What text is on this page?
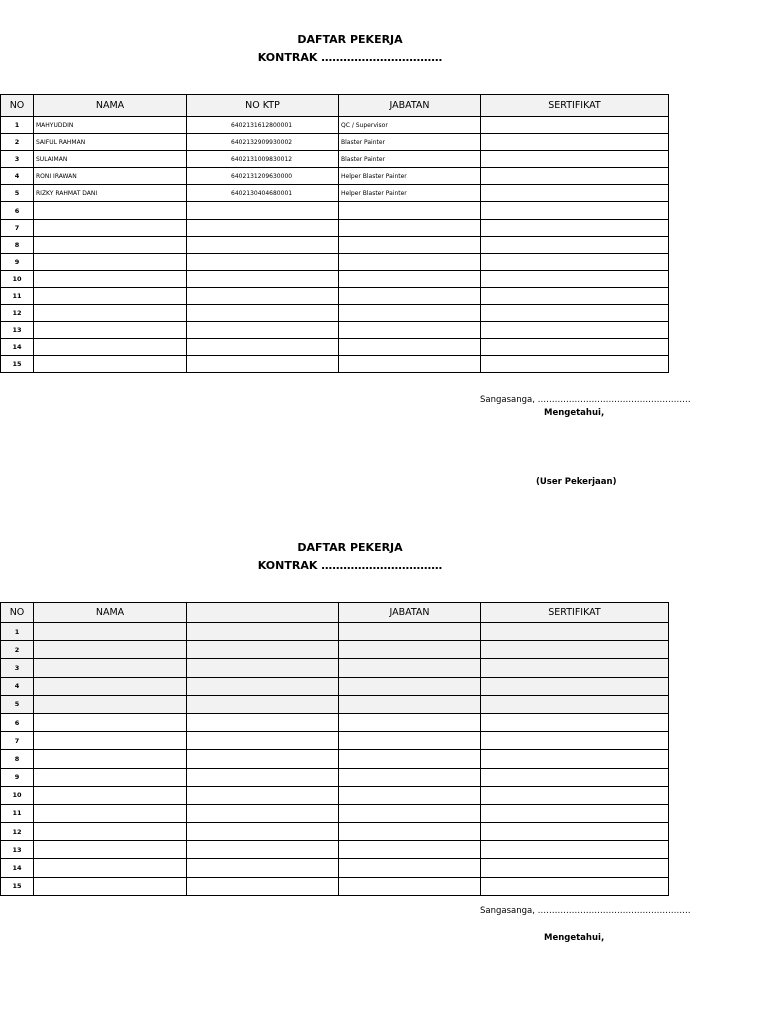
DAFTAR PEKERJA
KONTRAK ……………………………
NO	NAMA	NO KTP	JABATAN	SERTIFIKAT
1	MAHYUDDIN	6402131612800001	QC / Supervisor	
2	SAIFUL RAHMAN	6402132909930002	Blaster Painter	
3	SULAIMAN	6402131009830012	Blaster Painter	
4	RONI IRAWAN	6402131209630000	Helper Blaster Painter	
5	RIZKY RAHMAT DANI	6402130404680001	Helper Blaster Painter	
6				
7				
8				
9				
10				
11				
12				
13				
14				
15				
Sangasanga, ………………………………………………
Mengetahui,
(User Pekerjaan)
DAFTAR PEKERJA
KONTRAK ……………………………
NO	NAMA		JABATAN	SERTIFIKAT
1				
2				
3				
4				
5				
6				
7				
8				
9				
10				
11				
12				
13				
14				
15				
Sangasanga, ………………………………………………
Mengetahui,
